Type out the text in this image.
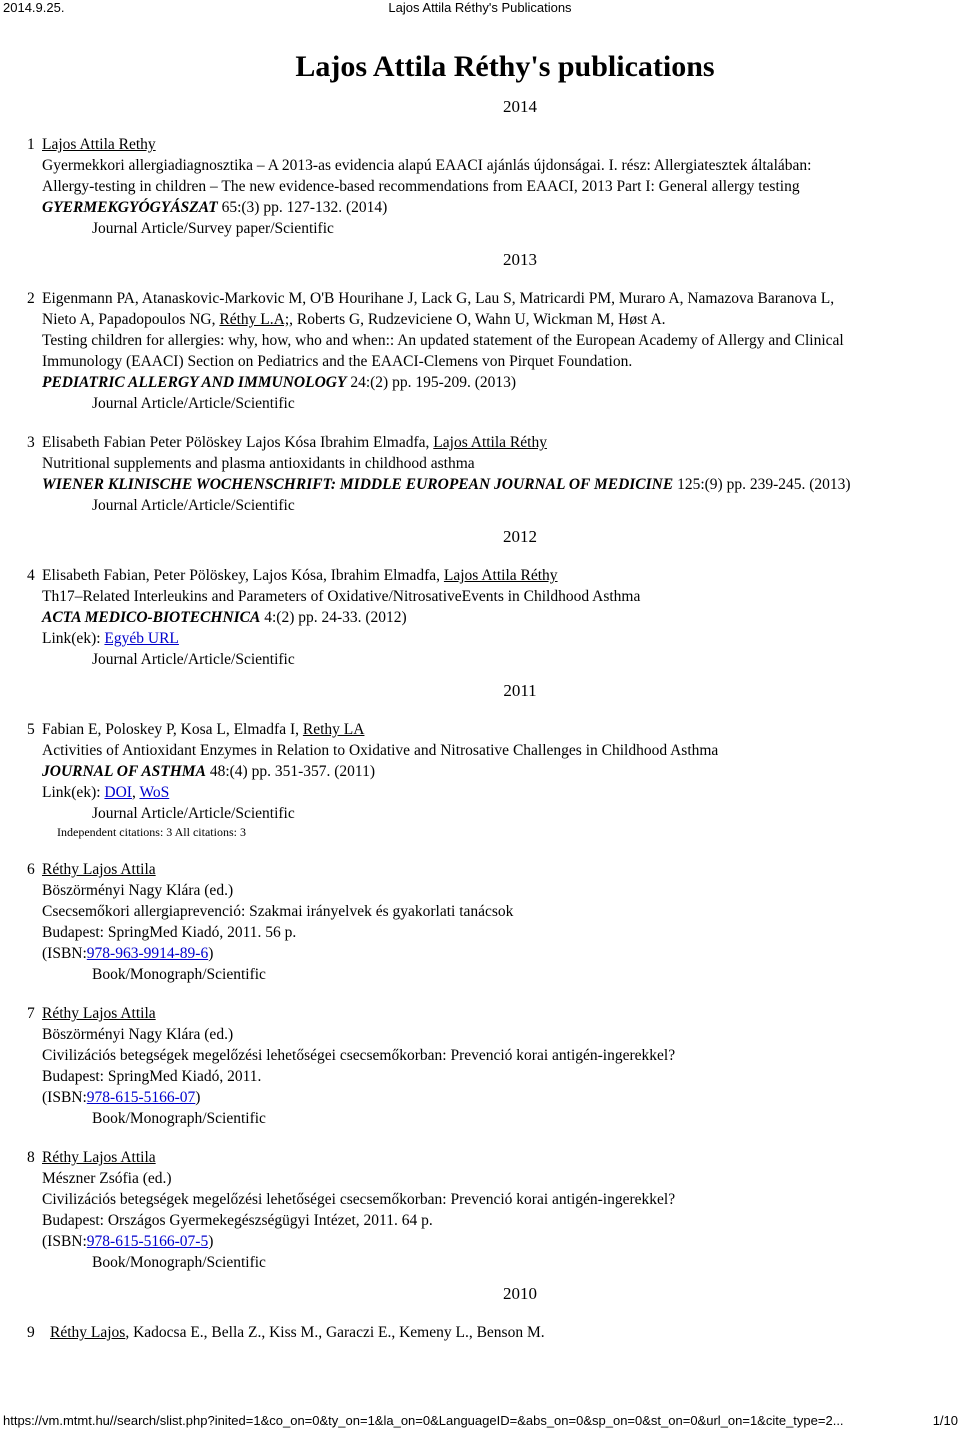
2014.9.25.	Lajos Attila Réthy's Publications
Lajos Attila Réthy's publications
2014
1 Lajos Attila Rethy
Gyermekkori allergiadiagnosztika – A 2013-as evidencia alapú EAACI ajánlás újdonságai. I. rész: Allergiatesztek általában: Allergy-testing in children – The new evidence-based recommendations from EAACI, 2013 Part I: General allergy testing
GYERMEKGYÓGYÁSZAT 65:(3) pp. 127-132. (2014)
Journal Article/Survey paper/Scientific
2013
2 Eigenmann PA, Atanaskovic-Markovic M, O'B Hourihane J, Lack G, Lau S, Matricardi PM, Muraro A, Namazova Baranova L, Nieto A, Papadopoulos NG, Réthy L.A;, Roberts G, Rudzeviciene O, Wahn U, Wickman M, Høst A.
Testing children for allergies: why, how, who and when:: An updated statement of the European Academy of Allergy and Clinical Immunology (EAACI) Section on Pediatrics and the EAACI-Clemens von Pirquet Foundation.
PEDIATRIC ALLERGY AND IMMUNOLOGY 24:(2) pp. 195-209. (2013)
Journal Article/Article/Scientific
3 Elisabeth Fabian Peter Pölöskey Lajos Kósa Ibrahim Elmadfa, Lajos Attila Réthy
Nutritional supplements and plasma antioxidants in childhood asthma
WIENER KLINISCHE WOCHENSCHRIFT: MIDDLE EUROPEAN JOURNAL OF MEDICINE 125:(9) pp. 239-245. (2013)
Journal Article/Article/Scientific
2012
4 Elisabeth Fabian, Peter Pölöskey, Lajos Kósa, Ibrahim Elmadfa, Lajos Attila Réthy
Th17–Related Interleukins and Parameters of Oxidative/NitrosativeEvents in Childhood Asthma
ACTA MEDICO-BIOTECHNICA 4:(2) pp. 24-33. (2012)
Link(ek): Egyéb URL
Journal Article/Article/Scientific
2011
5 Fabian E, Poloskey P, Kosa L, Elmadfa I, Rethy LA
Activities of Antioxidant Enzymes in Relation to Oxidative and Nitrosative Challenges in Childhood Asthma
JOURNAL OF ASTHMA 48:(4) pp. 351-357. (2011)
Link(ek): DOI, WoS
Journal Article/Article/Scientific
Independent citations: 3 All citations: 3
6 Réthy Lajos Attila
Böszörményi Nagy Klára (ed.)
Csecsemőkori allergiaprevenció: Szakmai irányelvek és gyakorlati tanácsok
Budapest: SpringMed Kiadó, 2011. 56 p.
(ISBN:978-963-9914-89-6)
Book/Monograph/Scientific
7 Réthy Lajos Attila
Böszörményi Nagy Klára (ed.)
Civilizációs betegségek megelőzési lehetőségei csecsemőkorban: Prevenció korai antigén-ingerekkel?
Budapest: SpringMed Kiadó, 2011.
(ISBN:978-615-5166-07)
Book/Monograph/Scientific
8 Réthy Lajos Attila
Mészner Zsófia (ed.)
Civilizációs betegségek megelőzési lehetőségei csecsemőkorban: Prevenció korai antigén-ingerekkel?
Budapest: Országos Gyermekegészségügyi Intézet, 2011. 64 p.
(ISBN:978-615-5166-07-5)
Book/Monograph/Scientific
2010
9 Réthy Lajos, Kadocsa E., Bella Z., Kiss M., Garaczi E., Kemeny L., Benson M.
https://vm.mtmt.hu//search/slist.php?inited=1&co_on=0&ty_on=1&la_on=0&LanguageID=&abs_on=0&sp_on=0&st_on=0&url_on=1&cite_type=2...	1/10
